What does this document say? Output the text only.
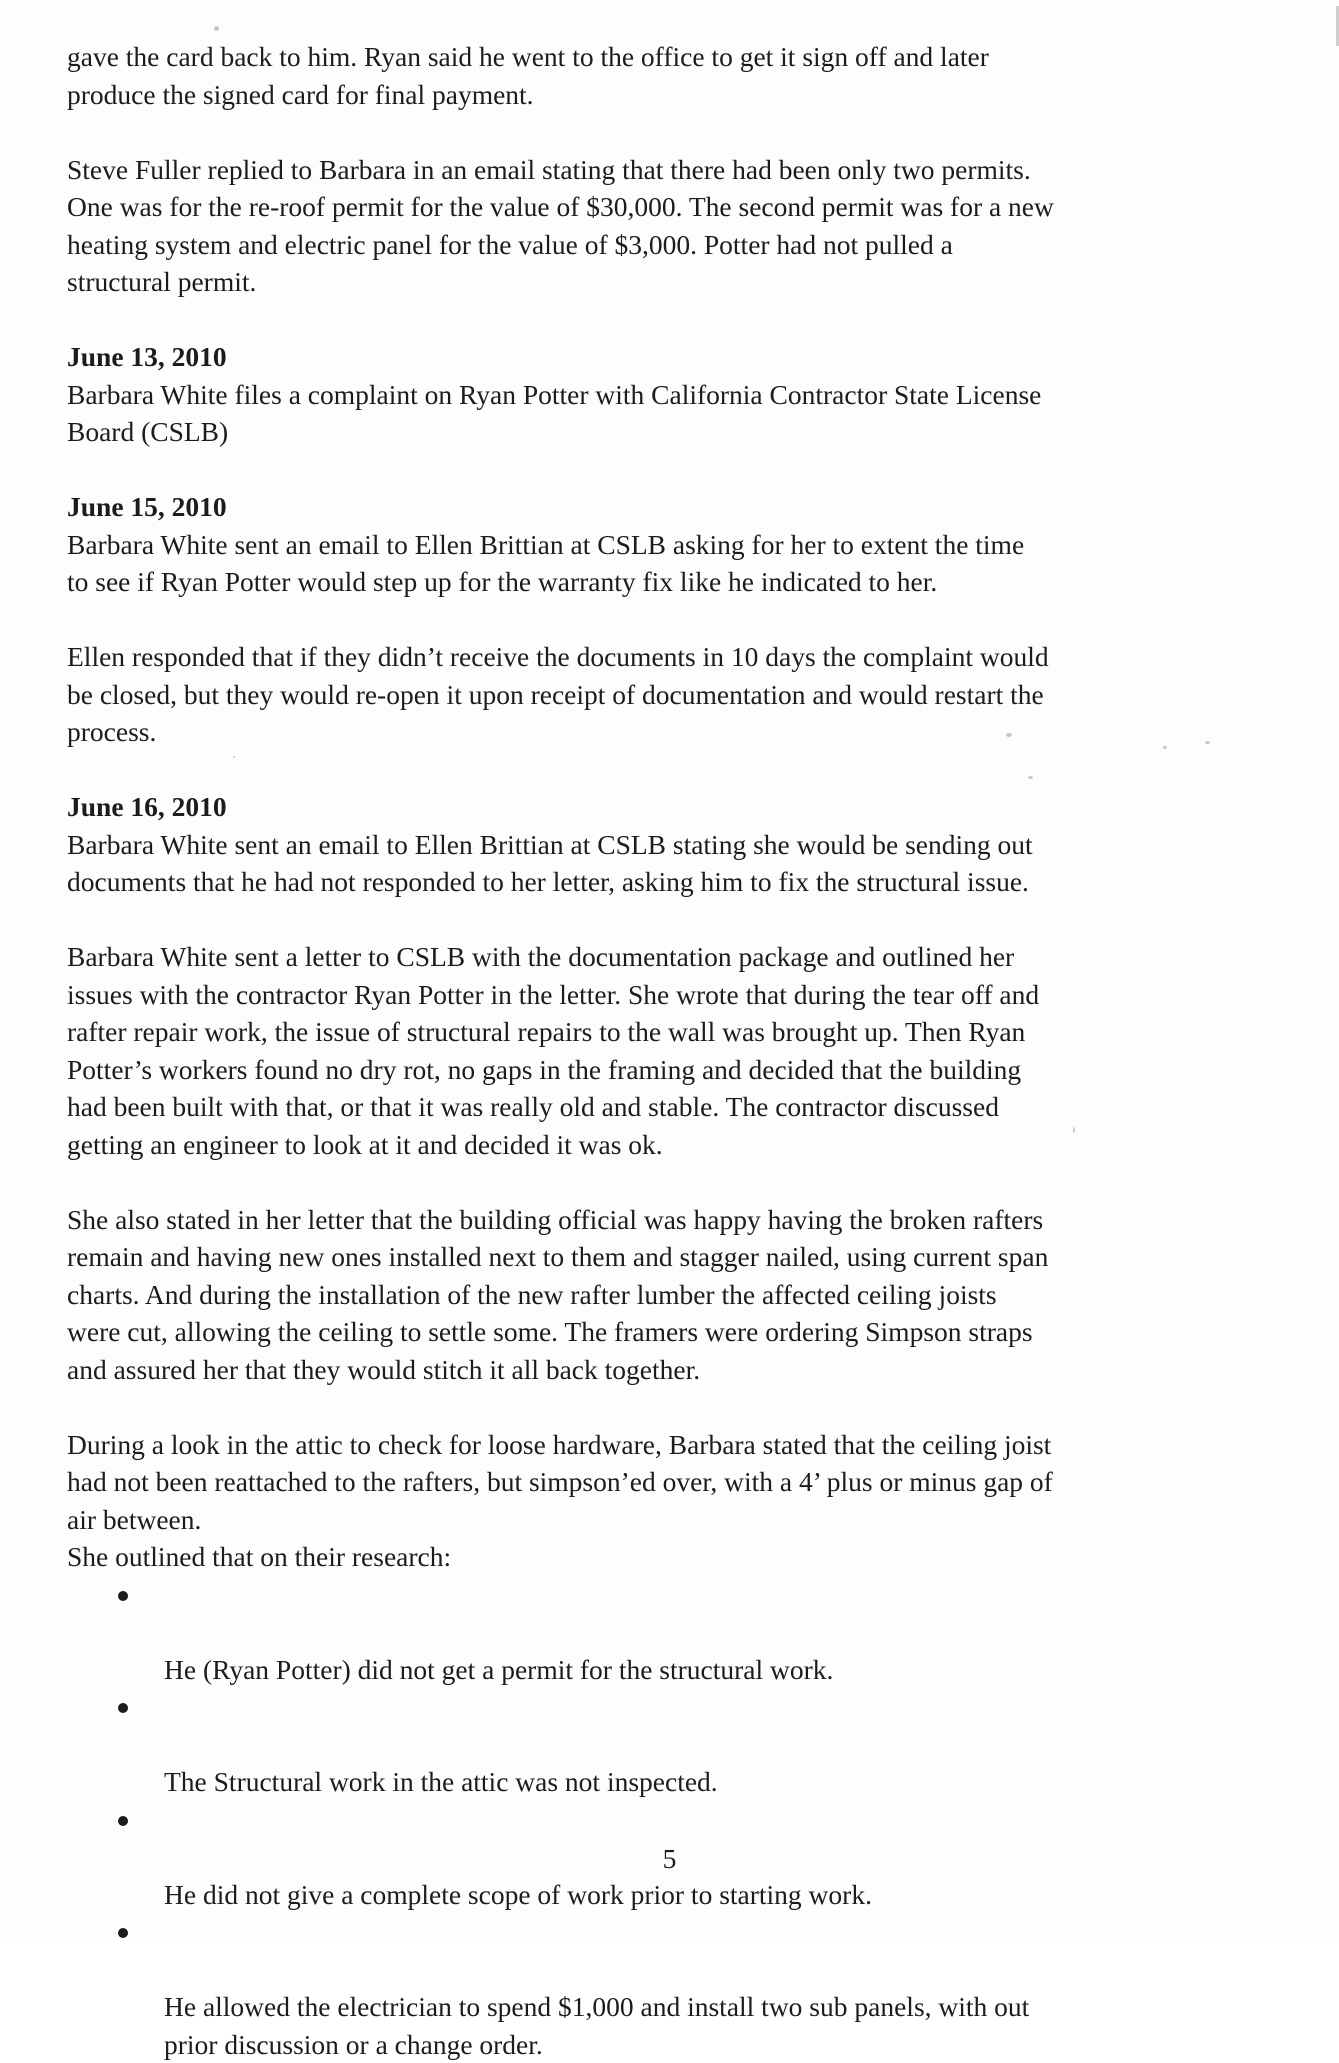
gave the card back to him. Ryan said he went to the office to get it sign off and later
produce the signed card for final payment.

Steve Fuller replied to Barbara in an email stating that there had been only two permits.
One was for the re-roof permit for the value of $30,000. The second permit was for a new
heating system and electric panel for the value of $3,000. Potter had not pulled a
structural permit.

June 13, 2010

Barbara White files a complaint on Ryan Potter with California Contractor State License
Board (CSLB)

June 15, 2010

Barbara White sent an email to Ellen Brittian at CSLB asking for her to extent the time
to see if Ryan Potter would step up for the warranty fix like he indicated to her.

Ellen responded that if they didn’t receive the documents in 10 days the complaint would
be closed, but they would re-open it upon receipt of documentation and would restart the
process.

June 16, 2010

Barbara White sent an email to Ellen Brittian at CSLB stating she would be sending out
documents that he had not responded to her letter, asking him to fix the structural issue.

Barbara White sent a letter to CSLB with the documentation package and outlined her
issues with the contractor Ryan Potter in the letter. She wrote that during the tear off and
rafter repair work, the issue of structural repairs to the wall was brought up. Then Ryan
Potter’s workers found no dry rot, no gaps in the framing and decided that the building
had been built with that, or that it was really old and stable. The contractor discussed
getting an engineer to look at it and decided it was ok.

She also stated in her letter that the building official was happy having the broken rafters
remain and having new ones installed next to them and stagger nailed, using current span
charts. And during the installation of the new rafter lumber the affected ceiling joists
were cut, allowing the ceiling to settle some. The framers were ordering Simpson straps
and assured her that they would stitch it all back together.

During a look in the attic to check for loose hardware, Barbara stated that the ceiling joist
had not been reattached to the rafters, but simpson’ed over, with a 4’ plus or minus gap of
air between.

She outlined that on their research:

He (Ryan Potter) did not get a permit for the structural work.

The Structural work in the attic was not inspected.

He did not give a complete scope of work prior to starting work.

He allowed the electrician to spend $1,000 and install two sub panels, with out
prior discussion or a change order.

5
